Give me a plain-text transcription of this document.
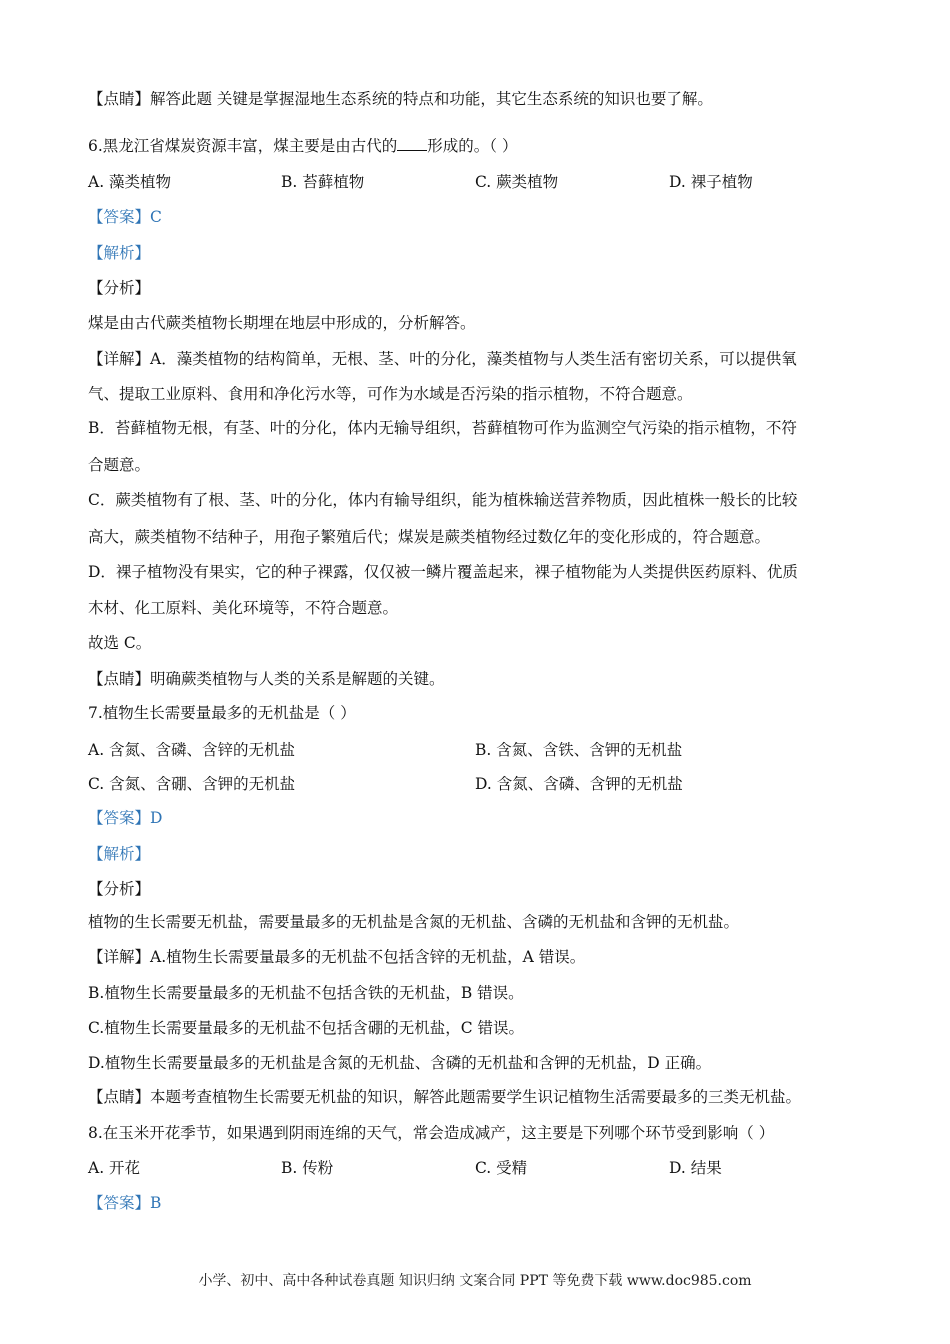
【点睛】解答此题 关键是掌握湿地生态系统的特点和功能，其它生态系统的知识也要了解。
6.黑龙江省煤炭资源丰富，煤主要是由古代的 形成的。（ ）
A. 藻类植物	B. 苔藓植物	C. 蕨类植物	D. 裸子植物
【答案】C
【解析】
【分析】
煤是由古代蕨类植物长期埋在地层中形成的，分析解答。
【详解】A．藻类植物的结构简单，无根、茎、叶的分化，藻类植物与人类生活有密切关系，可以提供氧
气、提取工业原料、食用和净化污水等，可作为水域是否污染的指示植物，不符合题意。
B．苔藓植物无根，有茎、叶的分化，体内无输导组织，苔藓植物可作为监测空气污染的指示植物，不符
合题意。
C．蕨类植物有了根、茎、叶的分化，体内有输导组织，能为植株输送营养物质，因此植株一般长的比较
高大，蕨类植物不结种子，用孢子繁殖后代；煤炭是蕨类植物经过数亿年的变化形成的，符合题意。
D．裸子植物没有果实，它的种子裸露，仅仅被一鳞片覆盖起来，裸子植物能为人类提供医药原料、优质
木材、化工原料、美化环境等，不符合题意。
故选 C。
【点睛】明确蕨类植物与人类的关系是解题的关键。
7.植物生长需要量最多的无机盐是（ ）
A. 含氮、含磷、含锌的无机盐	B. 含氮、含铁、含钾的无机盐
C. 含氮、含硼、含钾的无机盐	D. 含氮、含磷、含钾的无机盐
【答案】D
【解析】
【分析】
植物的生长需要无机盐，需要量最多的无机盐是含氮的无机盐、含磷的无机盐和含钾的无机盐。
【详解】A.植物生长需要量最多的无机盐不包括含锌的无机盐，A 错误。
B.植物生长需要量最多的无机盐不包括含铁的无机盐，B 错误。
C.植物生长需要量最多的无机盐不包括含硼的无机盐，C 错误。
D.植物生长需要量最多的无机盐是含氮的无机盐、含磷的无机盐和含钾的无机盐，D 正确。
【点睛】本题考查植物生长需要无机盐的知识，解答此题需要学生识记植物生活需要最多的三类无机盐。
8.在玉米开花季节，如果遇到阴雨连绵的天气，常会造成减产，这主要是下列哪个环节受到影响（ ）
A. 开花	B. 传粉	C. 受精	D. 结果
【答案】B
小学、初中、高中各种试卷真题 知识归纳 文案合同 PPT 等免费下载 www.doc985.com
